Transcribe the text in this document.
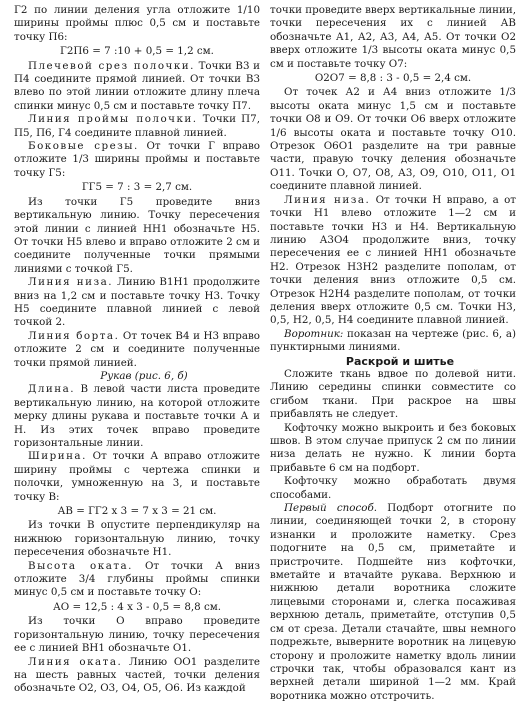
Г2 по линии деления угла отложите 1/10 ширины проймы плюс 0,5 см и поставьте точку П6:

Г2П6 = 7 :10 + 0,5 = 1,2 см.

Плечевой срез полочки. Точки В3 и П4 соедините прямой линией. От точки В3 влево по этой линии отложите длину плеча спинки минус 0,5 см и поставьте точку П7.

Линия проймы полочки. Точки П7, П5, П6, Г4 соедините плавной линией.

Боковые срезы. От точки Г вправо отложите 1/3 ширины проймы и поставьте точку Г5:

ГГ5 = 7 : 3 = 2,7 см.

Из точки Г5 проведите вниз вертикальную линию. Точку пересечения этой линии с линией НН1 обозначьте Н5. От точки Н5 влево и вправо отложите 2 см и соедините полученные точки прямыми линиями с точкой Г5.

Линия низа. Линию В1Н1 продолжите вниз на 1,2 см и поставьте точку Н3. Точку Н5 соедините плавной линией с левой точкой 2.

Линия борта. От точек В4 и Н3 вправо отложите 2 см и соедините полученные точки прямой линией.

Рукав (рис. 6, б)

Длина. В левой части листа проведите вертикальную линию, на которой отложите мерку длины рукава и поставьте точки А и Н. Из этих точек вправо проведите горизонтальные линии.

Ширина. От точки А вправо отложите ширину проймы с чертежа спинки и полочки, умноженную на 3, и поставьте точку В:

АВ = ГГ2 х 3 = 7 х 3 = 21 см.

Из точки В опустите перпендикуляр на нижнюю горизонтальную линию, точку пересечения обозначьте Н1.

Высота оката. От точки А вниз отложите 3/4 глубины проймы спинки минус 0,5 см и поставьте точку О:

АО = 12,5 : 4 х 3 - 0,5 = 8,8 см.

Из точки О вправо проведите горизонтальную линию, точку пересечения ее с линией ВН1 обозначьте О1.

Линия оката. Линию ОО1 разделите на шесть равных частей, точки деления обозначьте О2, О3, О4, О5, О6. Из каждой

точки проведите вверх вертикальные линии, точки пересечения их с линией АВ обозначьте А1, А2, А3, А4, А5. От точки О2 вверх отложите 1/3 высоты оката минус 0,5 см и поставьте точку О7:

О2О7 = 8,8 : 3 - 0,5 = 2,4 см.

От точек А2 и А4 вниз отложите 1/3 высоты оката минус 1,5 см и поставьте точки О8 и О9. От точки О6 вверх отложите 1/6 высоты оката и поставьте точку О10. Отрезок О6О1 разделите на три равные части, правую точку деления обозначьте О11. Точки О, О7, О8, А3, О9, О10, О11, О1 соедините плавной линией.

Линия низа. От точки Н вправо, а от точки Н1 влево отложите 1—2 см и поставьте точки Н3 и Н4. Вертикальную линию А3О4 продолжите вниз, точку пересечения ее с линией НН1 обозначьте Н2. Отрезок Н3Н2 разделите пополам, от точки деления вниз отложите 0,5 см. Отрезок Н2Н4 разделите пополам, от точки деления вверх отложите 0,5 см. Точки Н3, 0,5, Н2, 0,5, Н4 соедините плавной линией.

Воротник: показан на чертеже (рис. 6, а) пунктирными линиями.

Раскрой и шитье

Сложите ткань вдвое по долевой нити. Линию середины спинки совместите со сгибом ткани. При раскрое на швы прибавлять не следует.

Кофточку можно выкроить и без боковых швов. В этом случае припуск 2 см по линии низа делать не нужно. К линии борта прибавьте 6 см на подборт.

Кофточку можно обработать двумя способами.

Первый способ. Подборт отогните по линии, соединяющей точки 2, в сторону изнанки и проложите наметку. Срез подогните на 0,5 см, приметайте и пристрочите. Подшейте низ кофточки, вметайте и втачайте рукава. Верхнюю и нижнюю детали воротника сложите лицевыми сторонами и, слегка посаживая верхнюю деталь, приметайте, отступив 0,5 см от среза. Детали стачайте, швы немного подрежьте, выверните воротник на лицевую сторону и проложите наметку вдоль линии строчки так, чтобы образовался кант из верхней детали шириной 1—2 мм. Край воротника можно отстрочить.
